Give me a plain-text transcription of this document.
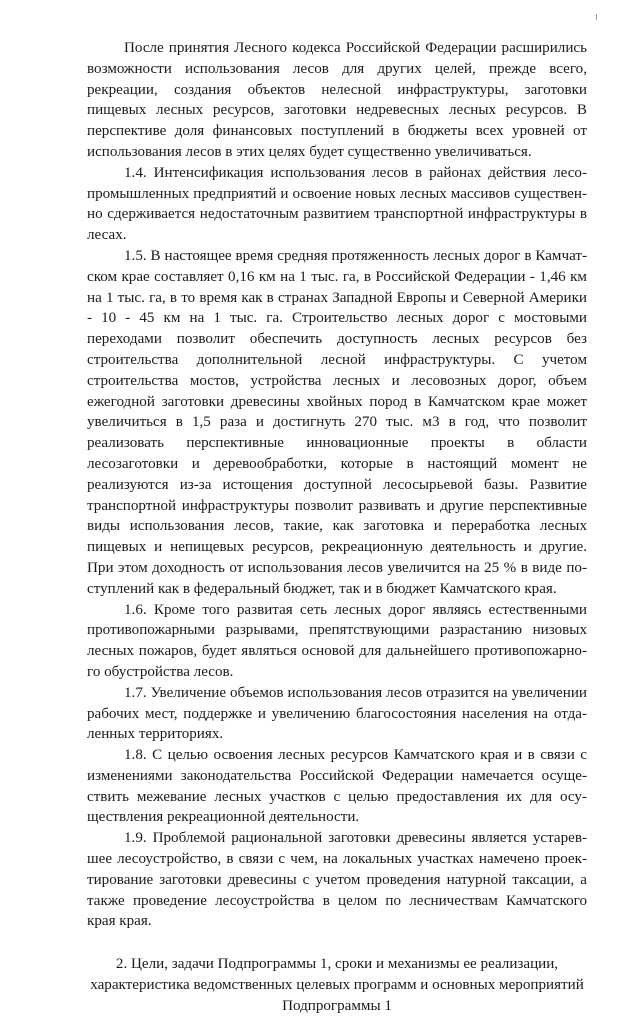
После принятия Лесного кодекса Российской Федерации расширились возможности использования лесов для других целей, прежде всего, рекреации, создания объектов нелесной инфраструктуры, заготовки пищевых лесных ресурсов, заготовки недревесных лесных ресурсов. В перспективе доля финансовых поступлений в бюджеты всех уровней от использования лесов в этих целях будет существенно увеличиваться.

1.4. Интенсификация использования лесов в районах действия лесопромышленных предприятий и освоение новых лесных массивов существенно сдерживается недостаточным развитием транспортной инфраструктуры в лесах.

1.5. В настоящее время средняя протяженность лесных дорог в Камчатском крае составляет 0,16 км на 1 тыс. га, в Российской Федерации - 1,46 км на 1 тыс. га, в то время как в странах Западной Европы и Северной Америки - 10 - 45 км на 1 тыс. га. Строительство лесных дорог с мостовыми переходами позволит обеспечить доступность лесных ресурсов без строительства дополнительной лесной инфраструктуры. С учетом строительства мостов, устройства лесных и лесовозных дорог, объем ежегодной заготовки древесины хвойных пород в Камчатском крае может увеличиться в 1,5 раза и достигнуть 270 тыс. м3 в год, что позволит реализовать перспективные инновационные проекты в области лесозаготовки и деревообработки, которые в настоящий момент не реализуются из-за истощения доступной лесосырьевой базы. Развитие транспортной инфраструктуры позволит развивать и другие перспективные виды использования лесов, такие, как заготовка и переработка лесных пищевых и непищевых ресурсов, рекреационную деятельность и другие. При этом доходность от использования лесов увеличится на 25 % в виде поступлений как в федеральный бюджет, так и в бюджет Камчатского края.

1.6. Кроме того развитая сеть лесных дорог являясь естественными противопожарными разрывами, препятствующими разрастанию низовых лесных пожаров, будет являться основой для дальнейшего противопожарного обустройства лесов.

1.7. Увеличение объемов использования лесов отразится на увеличении рабочих мест, поддержке и увеличению благосостояния населения на отдаленных территориях.

1.8. С целью освоения лесных ресурсов Камчатского края и в связи с изменениями законодательства Российской Федерации намечается осуществить межевание лесных участков с целью предоставления их для осуществления рекреационной деятельности.

1.9. Проблемой рациональной заготовки древесины является устаревшее лесоустройство, в связи с чем, на локальных участках намечено проектирование заготовки древесины с учетом проведения натурной таксации, а также проведение лесоустройства в целом по лесничествам Камчатского края края.

2. Цели, задачи Подпрограммы 1, сроки и механизмы ее реализации,
характеристика ведомственных целевых программ и основных мероприятий
Подпрограммы 1
